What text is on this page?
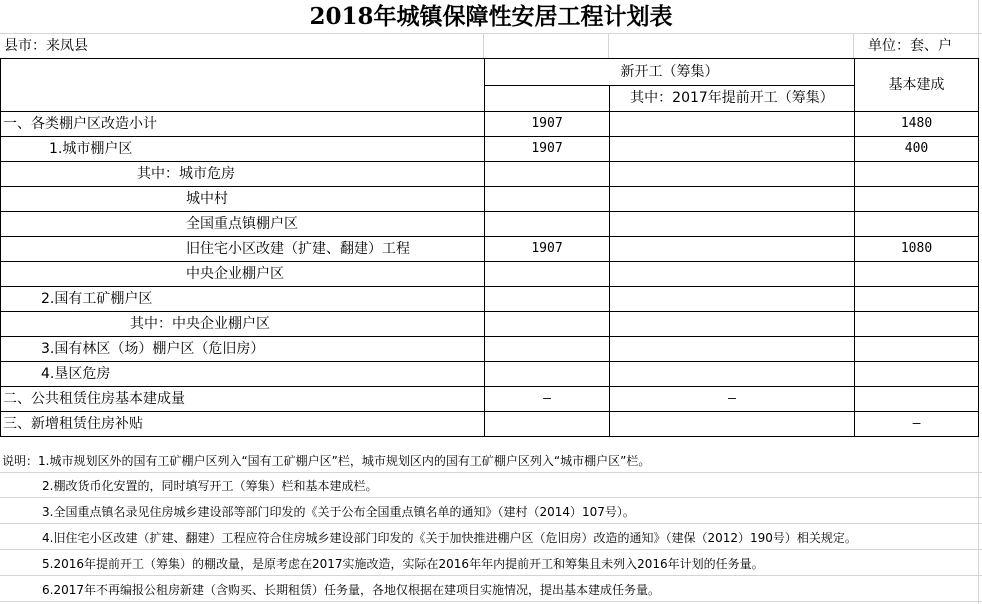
2018年城镇保障性安居工程计划表
县市：来凤县	单位：套、户
	新开工（筹集）		基本建成
		其中：2017年提前开工（筹集）	
一、各类棚户区改造小计	1907		1480
1.城市棚户区	1907		400
其中：城市危房			
城中村			
全国重点镇棚户区			
旧住宅小区改建（扩建、翻建）工程	1907		1080
中央企业棚户区			
2.国有工矿棚户区			
其中：中央企业棚户区			
3.国有林区（场）棚户区（危旧房）			
4.垦区危房			
二、公共租赁住房基本建成量	—	—	
三、新增租赁住房补贴			—
说明：1.城市规划区外的国有工矿棚户区列入“国有工矿棚户区”栏，城市规划区内的国有工矿棚户区列入“城市棚户区”栏。
2.棚改货币化安置的，同时填写开工（筹集）栏和基本建成栏。
3.全国重点镇名录见住房城乡建设部等部门印发的《关于公布全国重点镇名单的通知》（建村（2014）107号）。
4.旧住宅小区改建（扩建、翻建）工程应符合住房城乡建设部门印发的《关于加快推进棚户区（危旧房）改造的通知》（建保（2012）190号）相关规定。
5.2016年提前开工（筹集）的棚改量，是原考虑在2017实施改造，实际在2016年年内提前开工和筹集且未列入2016年计划的任务量。
6.2017年不再编报公租房新建（含购买、长期租赁）任务量，各地仅根据在建项目实施情况，提出基本建成任务量。
